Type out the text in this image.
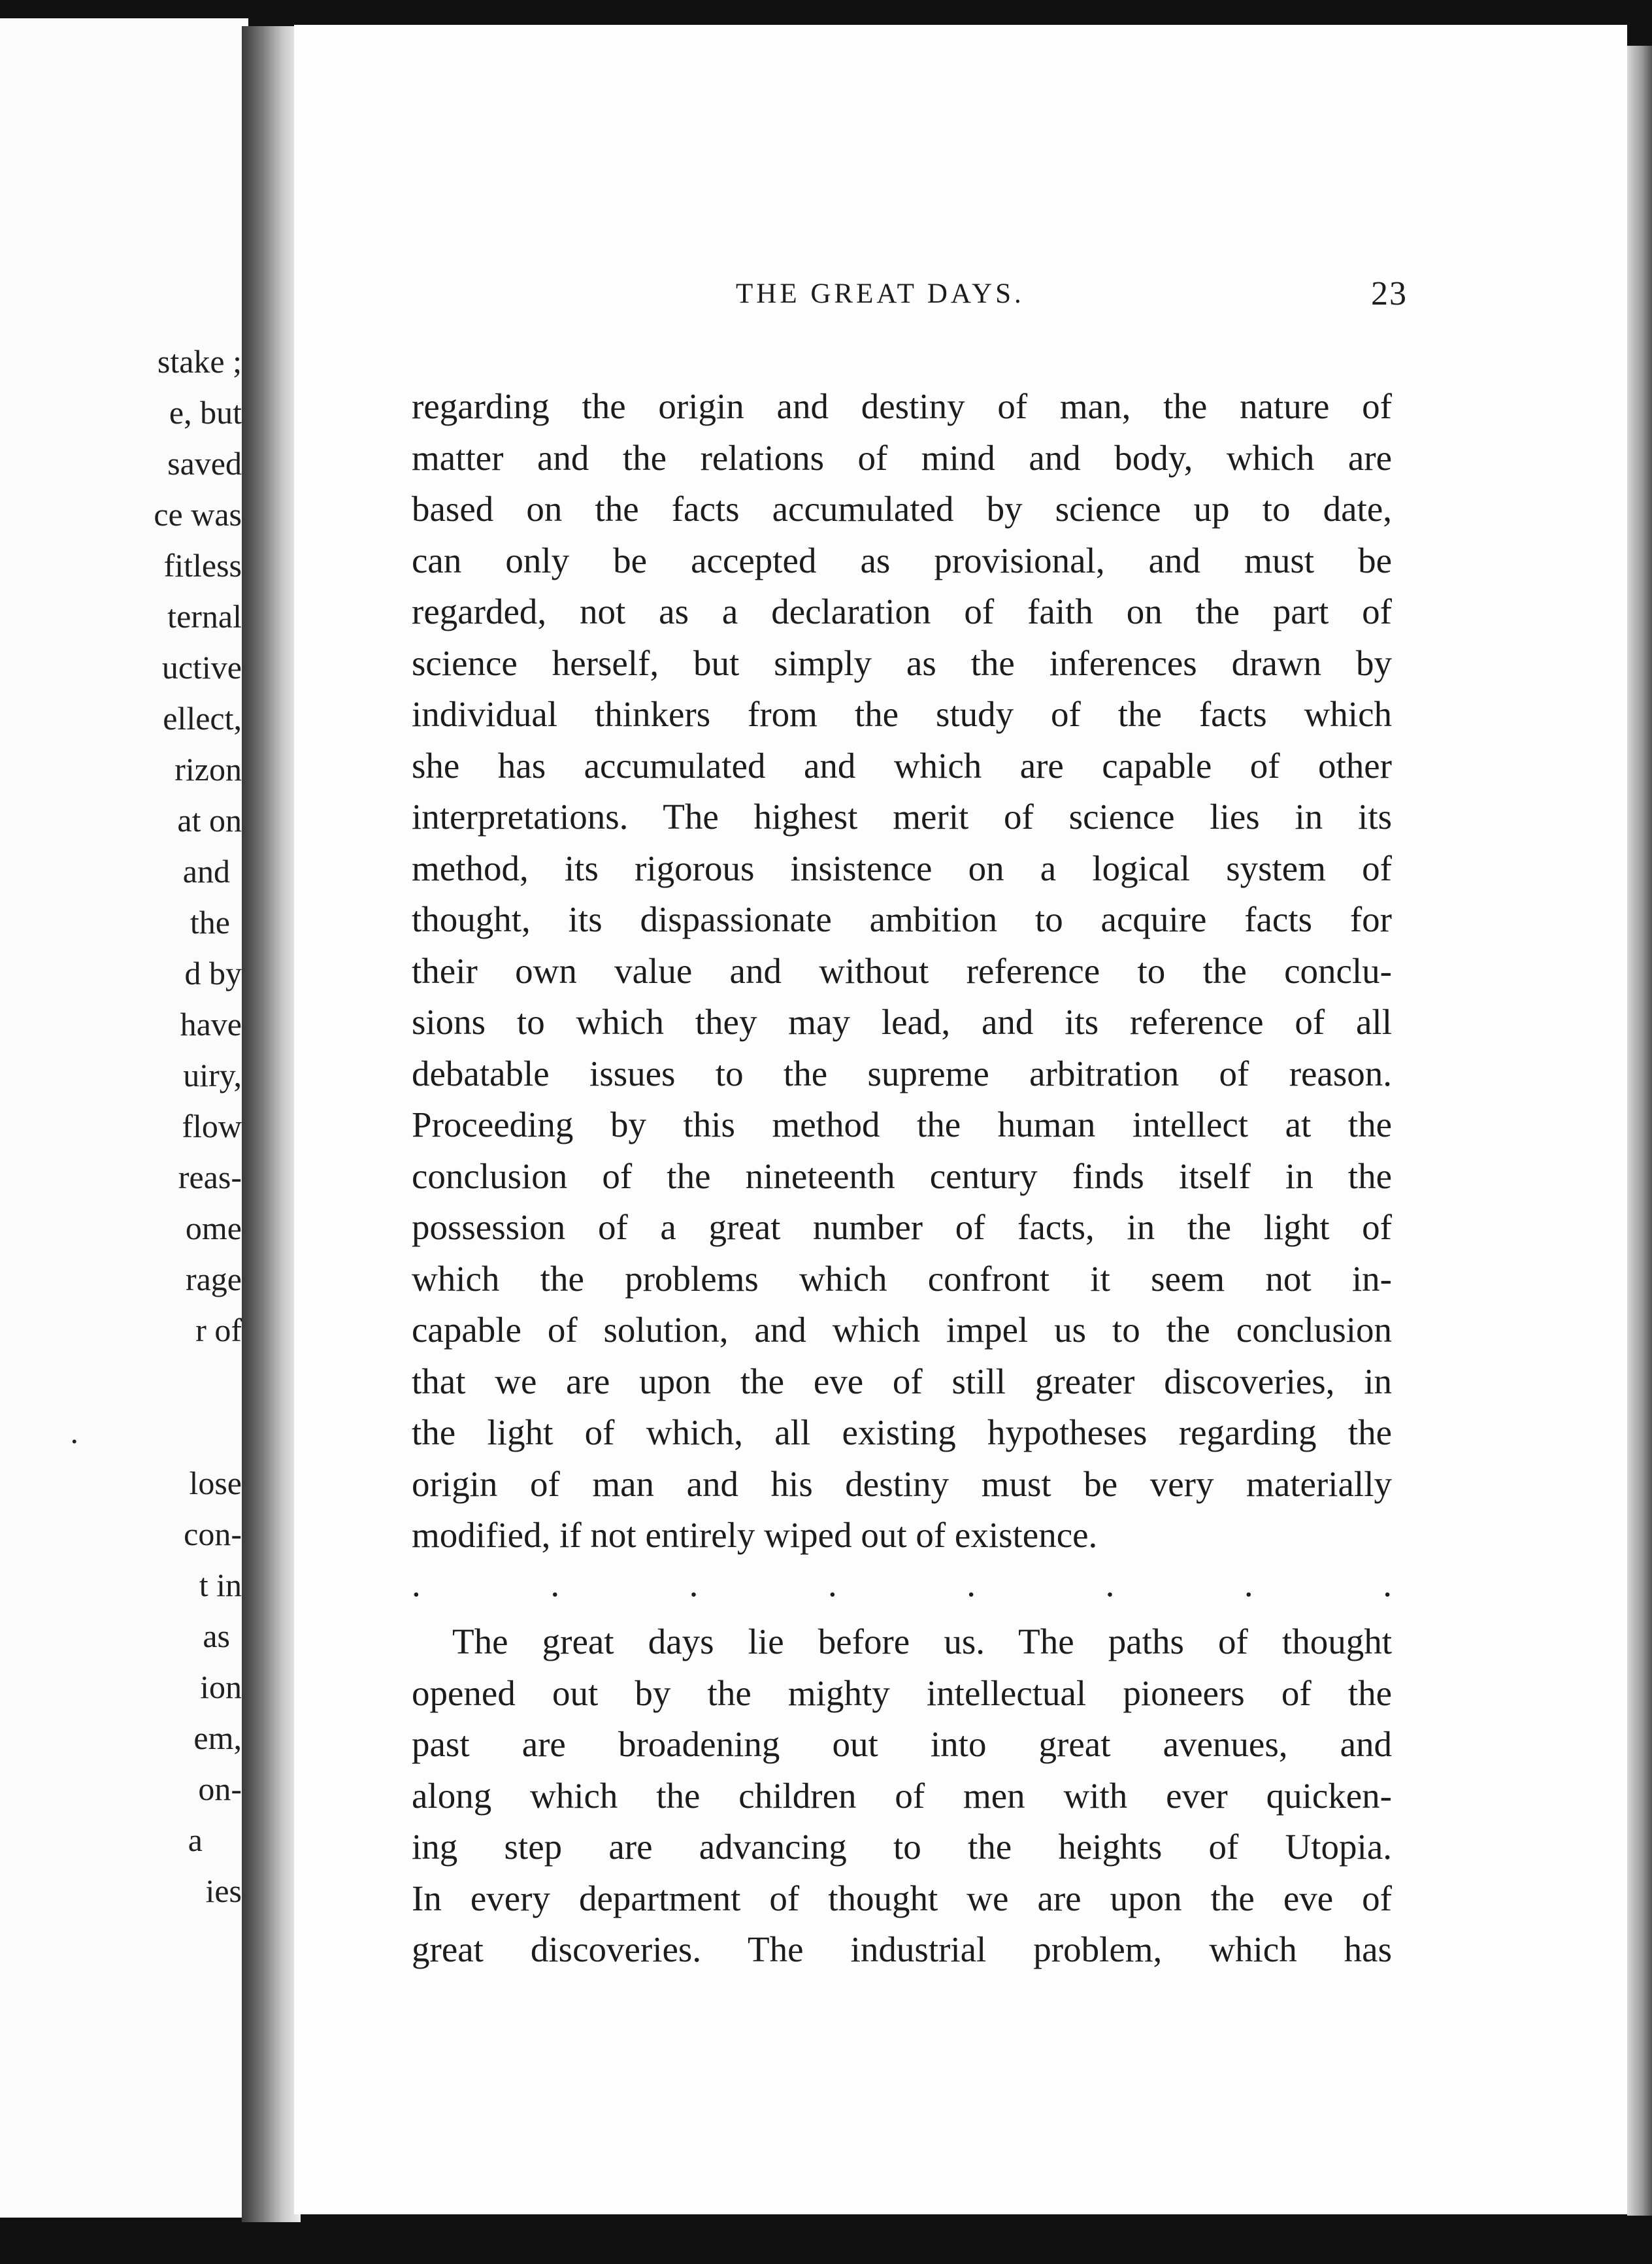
stake ;
e, but
saved
ce was
fitless
ternal
uctive
ellect,
rizon
at on
and
the
d by
have
uiry,
flow
reas-
ome
rage
r of
.
lose
con-
t in
as
ion
em,
on-
a
ies
THE GREAT DAYS.	23
regarding the origin and destiny of man, the nature of
matter and the relations of mind and body, which are
based on the facts accumulated by science up to date,
can only be accepted as provisional, and must be
regarded, not as a declaration of faith on the part of
science herself, but simply as the inferences drawn by
individual thinkers from the study of the facts which
she has accumulated and which are capable of other
interpretations. The highest merit of science lies in its
method, its rigorous insistence on a logical system of
thought, its dispassionate ambition to acquire facts for
their own value and without reference to the conclu-
sions to which they may lead, and its reference of all
debatable issues to the supreme arbitration of reason.
Proceeding by this method the human intellect at the
conclusion of the nineteenth century finds itself in the
possession of a great number of facts, in the light of
which the problems which confront it seem not in-
capable of solution, and which impel us to the conclusion
that we are upon the eve of still greater discoveries, in
the light of which, all existing hypotheses regarding the
origin of man and his destiny must be very materially
modified, if not entirely wiped out of existence.
.	.	.	.	.	.	.	.
The great days lie before us. The paths of thought
opened out by the mighty intellectual pioneers of the
past are broadening out into great avenues, and
along which the children of men with ever quicken-
ing step are advancing to the heights of Utopia.
In every department of thought we are upon the eve of
great discoveries. The industrial problem, which has
